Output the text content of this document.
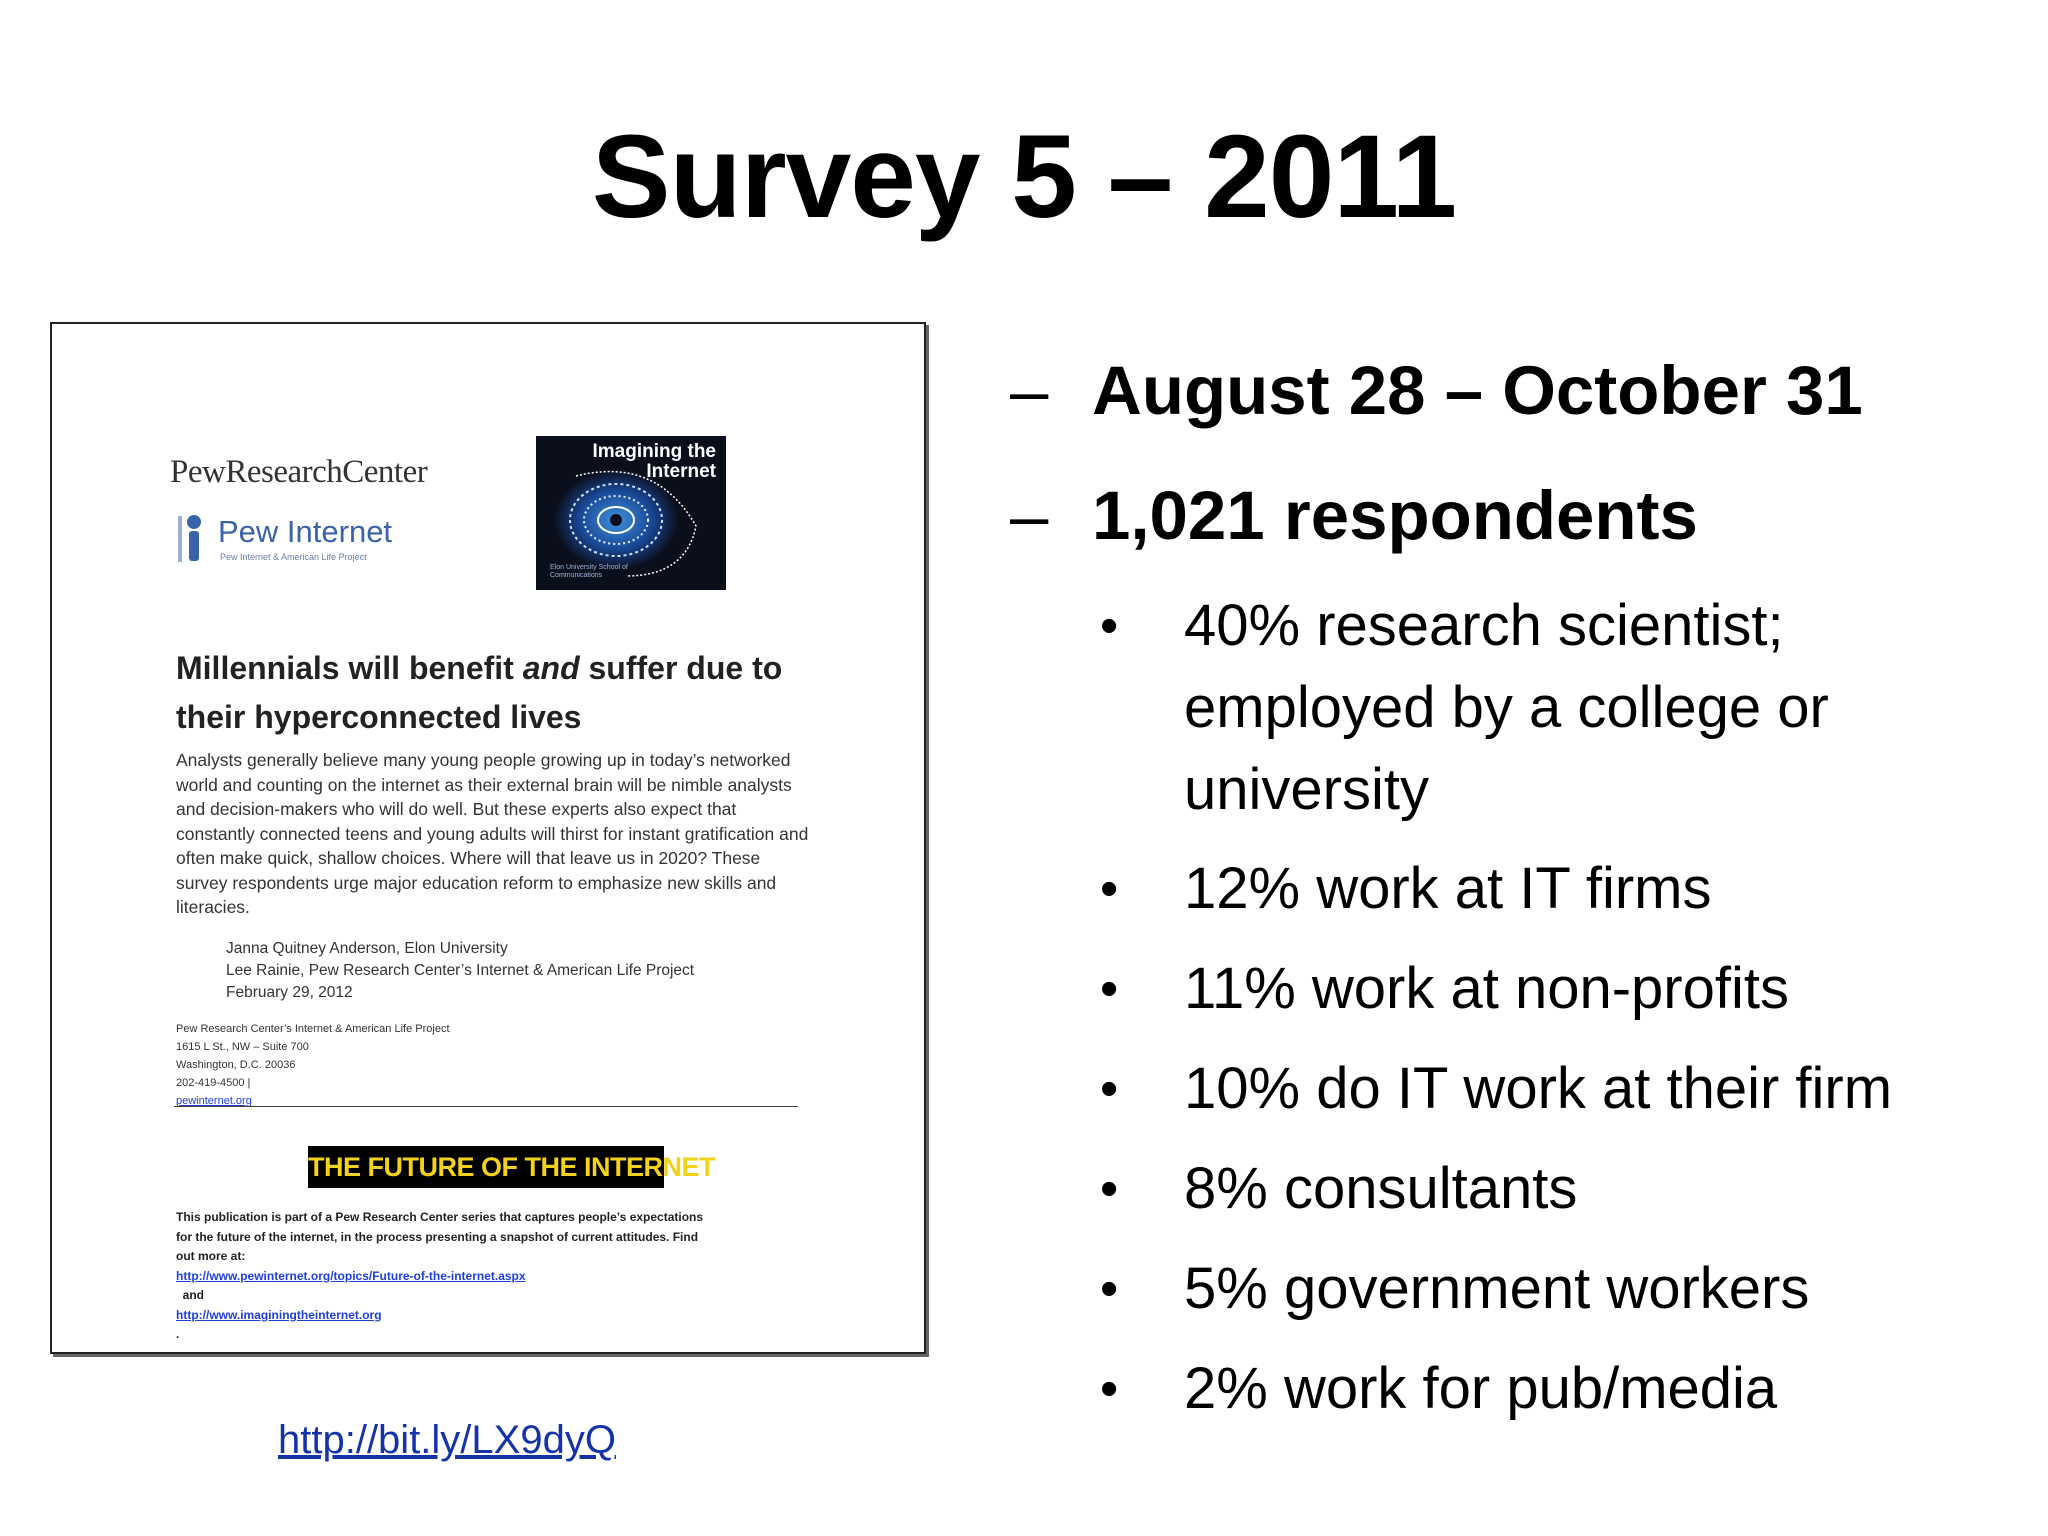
Survey 5 – 2011
PewResearchCenter
Pew Internet
Pew Internet & American Life Project
Imagining the
Internet
Elon University School of Communications
Millennials will benefit and suffer due to their hyperconnected lives
Analysts generally believe many young people growing up in today’s networked world and counting on the internet as their external brain will be nimble analysts and decision-makers who will do well. But these experts also expect that constantly connected teens and young adults will thirst for instant gratification and often make quick, shallow choices. Where will that leave us in 2020? These survey respondents urge major education reform to emphasize new skills and literacies.
Janna Quitney Anderson, Elon University
Lee Rainie, Pew Research Center’s Internet & American Life Project
February 29, 2012
Pew Research Center’s Internet & American Life Project
1615 L St., NW – Suite 700
Washington, D.C. 20036
202-419-4500 |
pewinternet.org
THE FUTURE OF THE INTERNET
This publication is part of a Pew Research Center series that captures people’s expectations
for the future of the internet, in the process presenting a snapshot of current attitudes. Find
out more at:
http://www.pewinternet.org/topics/Future-of-the-internet.aspx
and
http://www.imaginingtheinternet.org
.
http://bit.ly/LX9dyQ
– August 28 – October 31
– 1,021 respondents
• 40% research scientist; employed by a college or university
• 12% work at IT firms
• 11% work at non-profits
• 10% do IT work at their firm
• 8% consultants
• 5% government workers
• 2% work for pub/media
